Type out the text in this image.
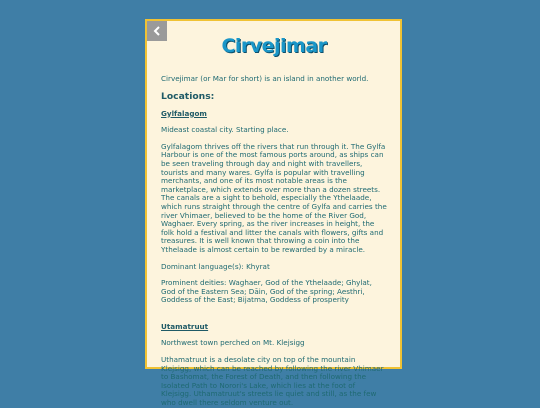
Cirvejimar

Cirvejimar (or Mar for short) is an island in another world.

Locations:
Gylfalagom

Mideast coastal city. Starting place.

Gylfalagom thrives off the rivers that run through it. The Gylfa Harbour is one of the most famous ports around, as ships can be seen traveling through day and night with travellers, tourists and many wares. Gylfa is popular with travelling merchants, and one of its most notable areas is the marketplace, which extends over more than a dozen streets. The canals are a sight to behold, especially the Ythelaade, which runs straight through the centre of Gylfa and carries the river Vhimaer, believed to be the home of the River God, Waghaer. Every spring, as the river increases in height, the folk hold a festival and litter the canals with flowers, gifts and treasures. It is well known that throwing a coin into the Ythelaade is almost certain to be rewarded by a miracle.

Dominant language(s): Khyrat

Prominent deities: Waghaer, God of the Ythelaade; Ghylat, God of the Eastern Sea; Dāin, God of the spring; Aesthri, Goddess of the East; Bijatma, Goddess of prosperity

Utamatruut

Northwest town perched on Mt. Klejsigg

Uthamatruut is a desolate city on top of the mountain Klejsigg, which can be reached by following the river Vhimaer to Bashomat, the Forest of Death, and then following the Isolated Path to Norori's Lake, which lies at the foot of Klejsigg. Uthamatruut's streets lie quiet and still, as the few who dwell there seldom venture out.
